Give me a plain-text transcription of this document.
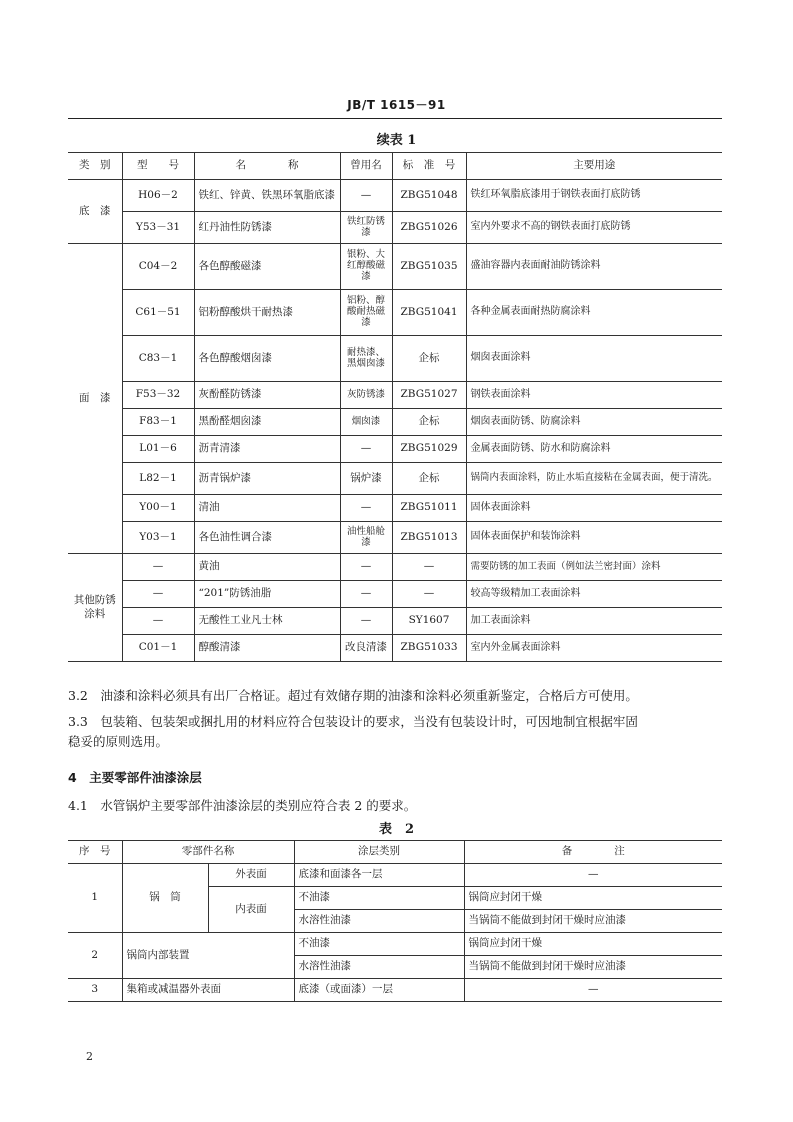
JB/T 1615－91
续表 1
类　别	型　　号	名　　　　称	曾用名	标　准　号	主要用途
底　漆	H06－2	铁红、锌黄、铁黑环氧脂底漆	—	ZBG51048	铁红环氧脂底漆用于钢铁表面打底防锈
	Y53－31	红丹油性防锈漆	铁红防锈漆	ZBG51026	室内外要求不高的钢铁表面打底防锈
面　漆	C04－2	各色醇酸磁漆	银粉、大红醇酸磁漆	ZBG51035	盛油容器内表面耐油防锈涂料
	C61－51	铝粉醇酸烘干耐热漆	铝粉、醇酸耐热磁漆	ZBG51041	各种金属表面耐热防腐涂料
	C83－1	各色醇酸烟囱漆	耐热漆、黑烟囱漆	企标	烟囱表面涂料
	F53－32	灰酚醛防锈漆	灰防锈漆	ZBG51027	钢铁表面涂料
	F83－1	黑酚醛烟囱漆	烟囱漆	企标	烟囱表面防锈、防腐涂料
	L01－6	沥青清漆	—	ZBG51029	金属表面防锈、防水和防腐涂料
	L82－1	沥青锅炉漆	锅炉漆	企标	锅筒内表面涂料，防止水垢直接粘在金属表面，便于清洗。
	Y00－1	清油	—	ZBG51011	固体表面涂料
	Y03－1	各色油性调合漆	油性船舱漆	ZBG51013	固体表面保护和装饰涂料
其他防锈涂料	—	黄油	—	—	需要防锈的加工表面（例如法兰密封面）涂料
	—	“201”防锈油脂	—	—	较高等级精加工表面涂料
	—	无酸性工业凡士林	—	SY1607	加工表面涂料
	C01－1	醇酸清漆	改良清漆	ZBG51033	室内外金属表面涂料
3.2　油漆和涂料必须具有出厂合格证。超过有效储存期的油漆和涂料必须重新鉴定，合格后方可使用。
3.3　包装箱、包装架或捆扎用的材料应符合包装设计的要求，当没有包装设计时，可因地制宜根据牢固
稳妥的原则选用。
4　主要零部件油漆涂层
4.1　水管锅炉主要零部件油漆涂层的类别应符合表 2 的要求。
表　2
序　号	零部件名称		涂层类别	备　　　　注
1	锅　筒	外表面	底漆和面漆各一层	—
		内表面	不油漆	锅筒应封闭干燥
			水溶性油漆	当锅筒不能做到封闭干燥时应油漆
2	锅筒内部装置		不油漆	锅筒应封闭干燥
			水溶性油漆	当锅筒不能做到封闭干燥时应油漆
3	集箱或减温器外表面		底漆（或面漆）一层	—
2
